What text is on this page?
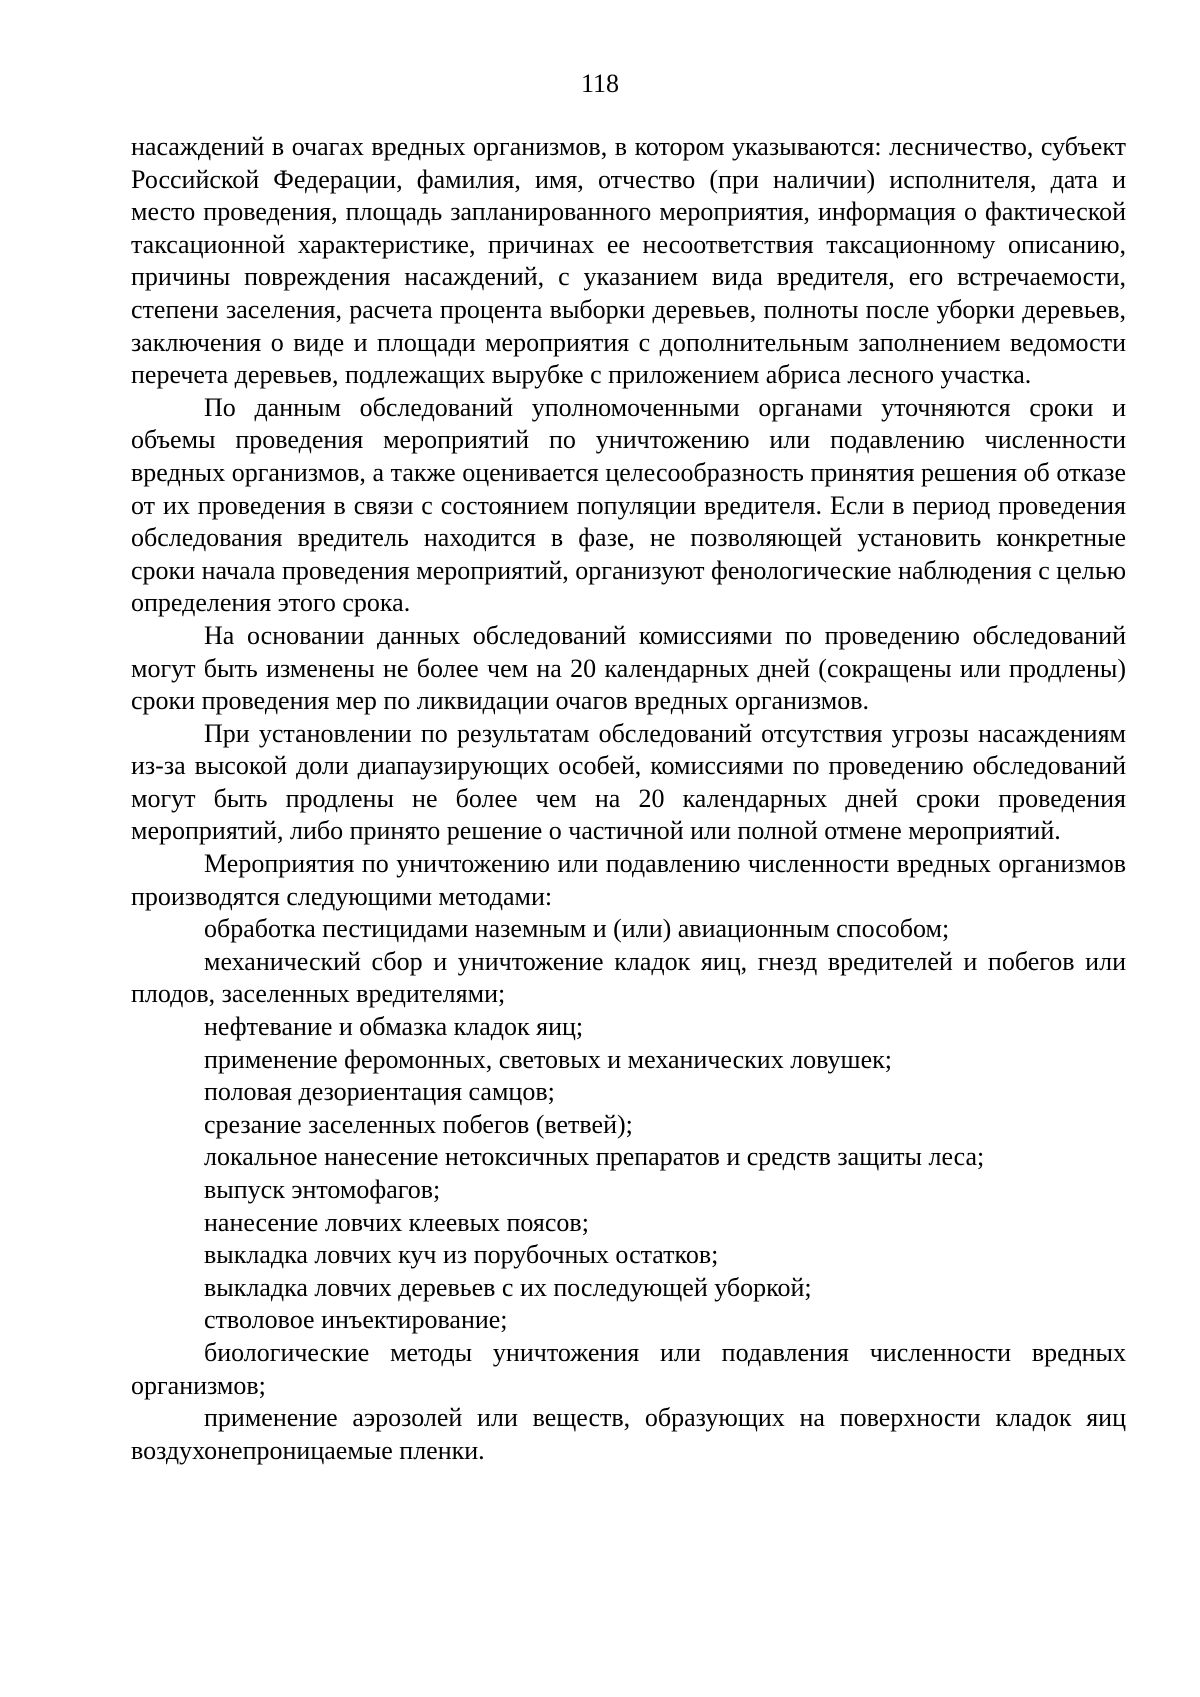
118

насаждений в очагах вредных организмов, в котором указываются: лесничество, субъект Российской Федерации, фамилия, имя, отчество (при наличии) исполнителя, дата и место проведения, площадь запланированного мероприятия, информация о фактической таксационной характеристике, причинах ее несоответствия таксационному описанию, причины повреждения насаждений, с указанием вида вредителя, его встречаемости, степени заселения, расчета процента выборки деревьев, полноты после уборки деревьев, заключения о виде и площади мероприятия с дополнительным заполнением ведомости перечета деревьев, подлежащих вырубке с приложением абриса лесного участка.

По данным обследований уполномоченными органами уточняются сроки и объемы проведения мероприятий по уничтожению или подавлению численности вредных организмов, а также оценивается целесообразность принятия решения об отказе от их проведения в связи с состоянием популяции вредителя. Если в период проведения обследования вредитель находится в фазе, не позволяющей установить конкретные сроки начала проведения мероприятий, организуют фенологические наблюдения с целью определения этого срока.

На основании данных обследований комиссиями по проведению обследований могут быть изменены не более чем на 20 календарных дней (сокращены или продлены) сроки проведения мер по ликвидации очагов вредных организмов.

При установлении по результатам обследований отсутствия угрозы насаждениям из-за высокой доли диапаузирующих особей, комиссиями по проведению обследований могут быть продлены не более чем на 20 календарных дней сроки проведения мероприятий, либо принято решение о частичной или полной отмене мероприятий.

Мероприятия по уничтожению или подавлению численности вредных организмов производятся следующими методами:

обработка пестицидами наземным и (или) авиационным способом;

механический сбор и уничтожение кладок яиц, гнезд вредителей и побегов или плодов, заселенных вредителями;

нефтевание и обмазка кладок яиц;

применение феромонных, световых и механических ловушек;

половая дезориентация самцов;

срезание заселенных побегов (ветвей);

локальное нанесение нетоксичных препаратов и средств защиты леса;

выпуск энтомофагов;

нанесение ловчих клеевых поясов;

выкладка ловчих куч из порубочных остатков;

выкладка ловчих деревьев с их последующей уборкой;

стволовое инъектирование;

биологические методы уничтожения или подавления численности вредных организмов;

применение аэрозолей или веществ, образующих на поверхности кладок яиц воздухонепроницаемые пленки.
